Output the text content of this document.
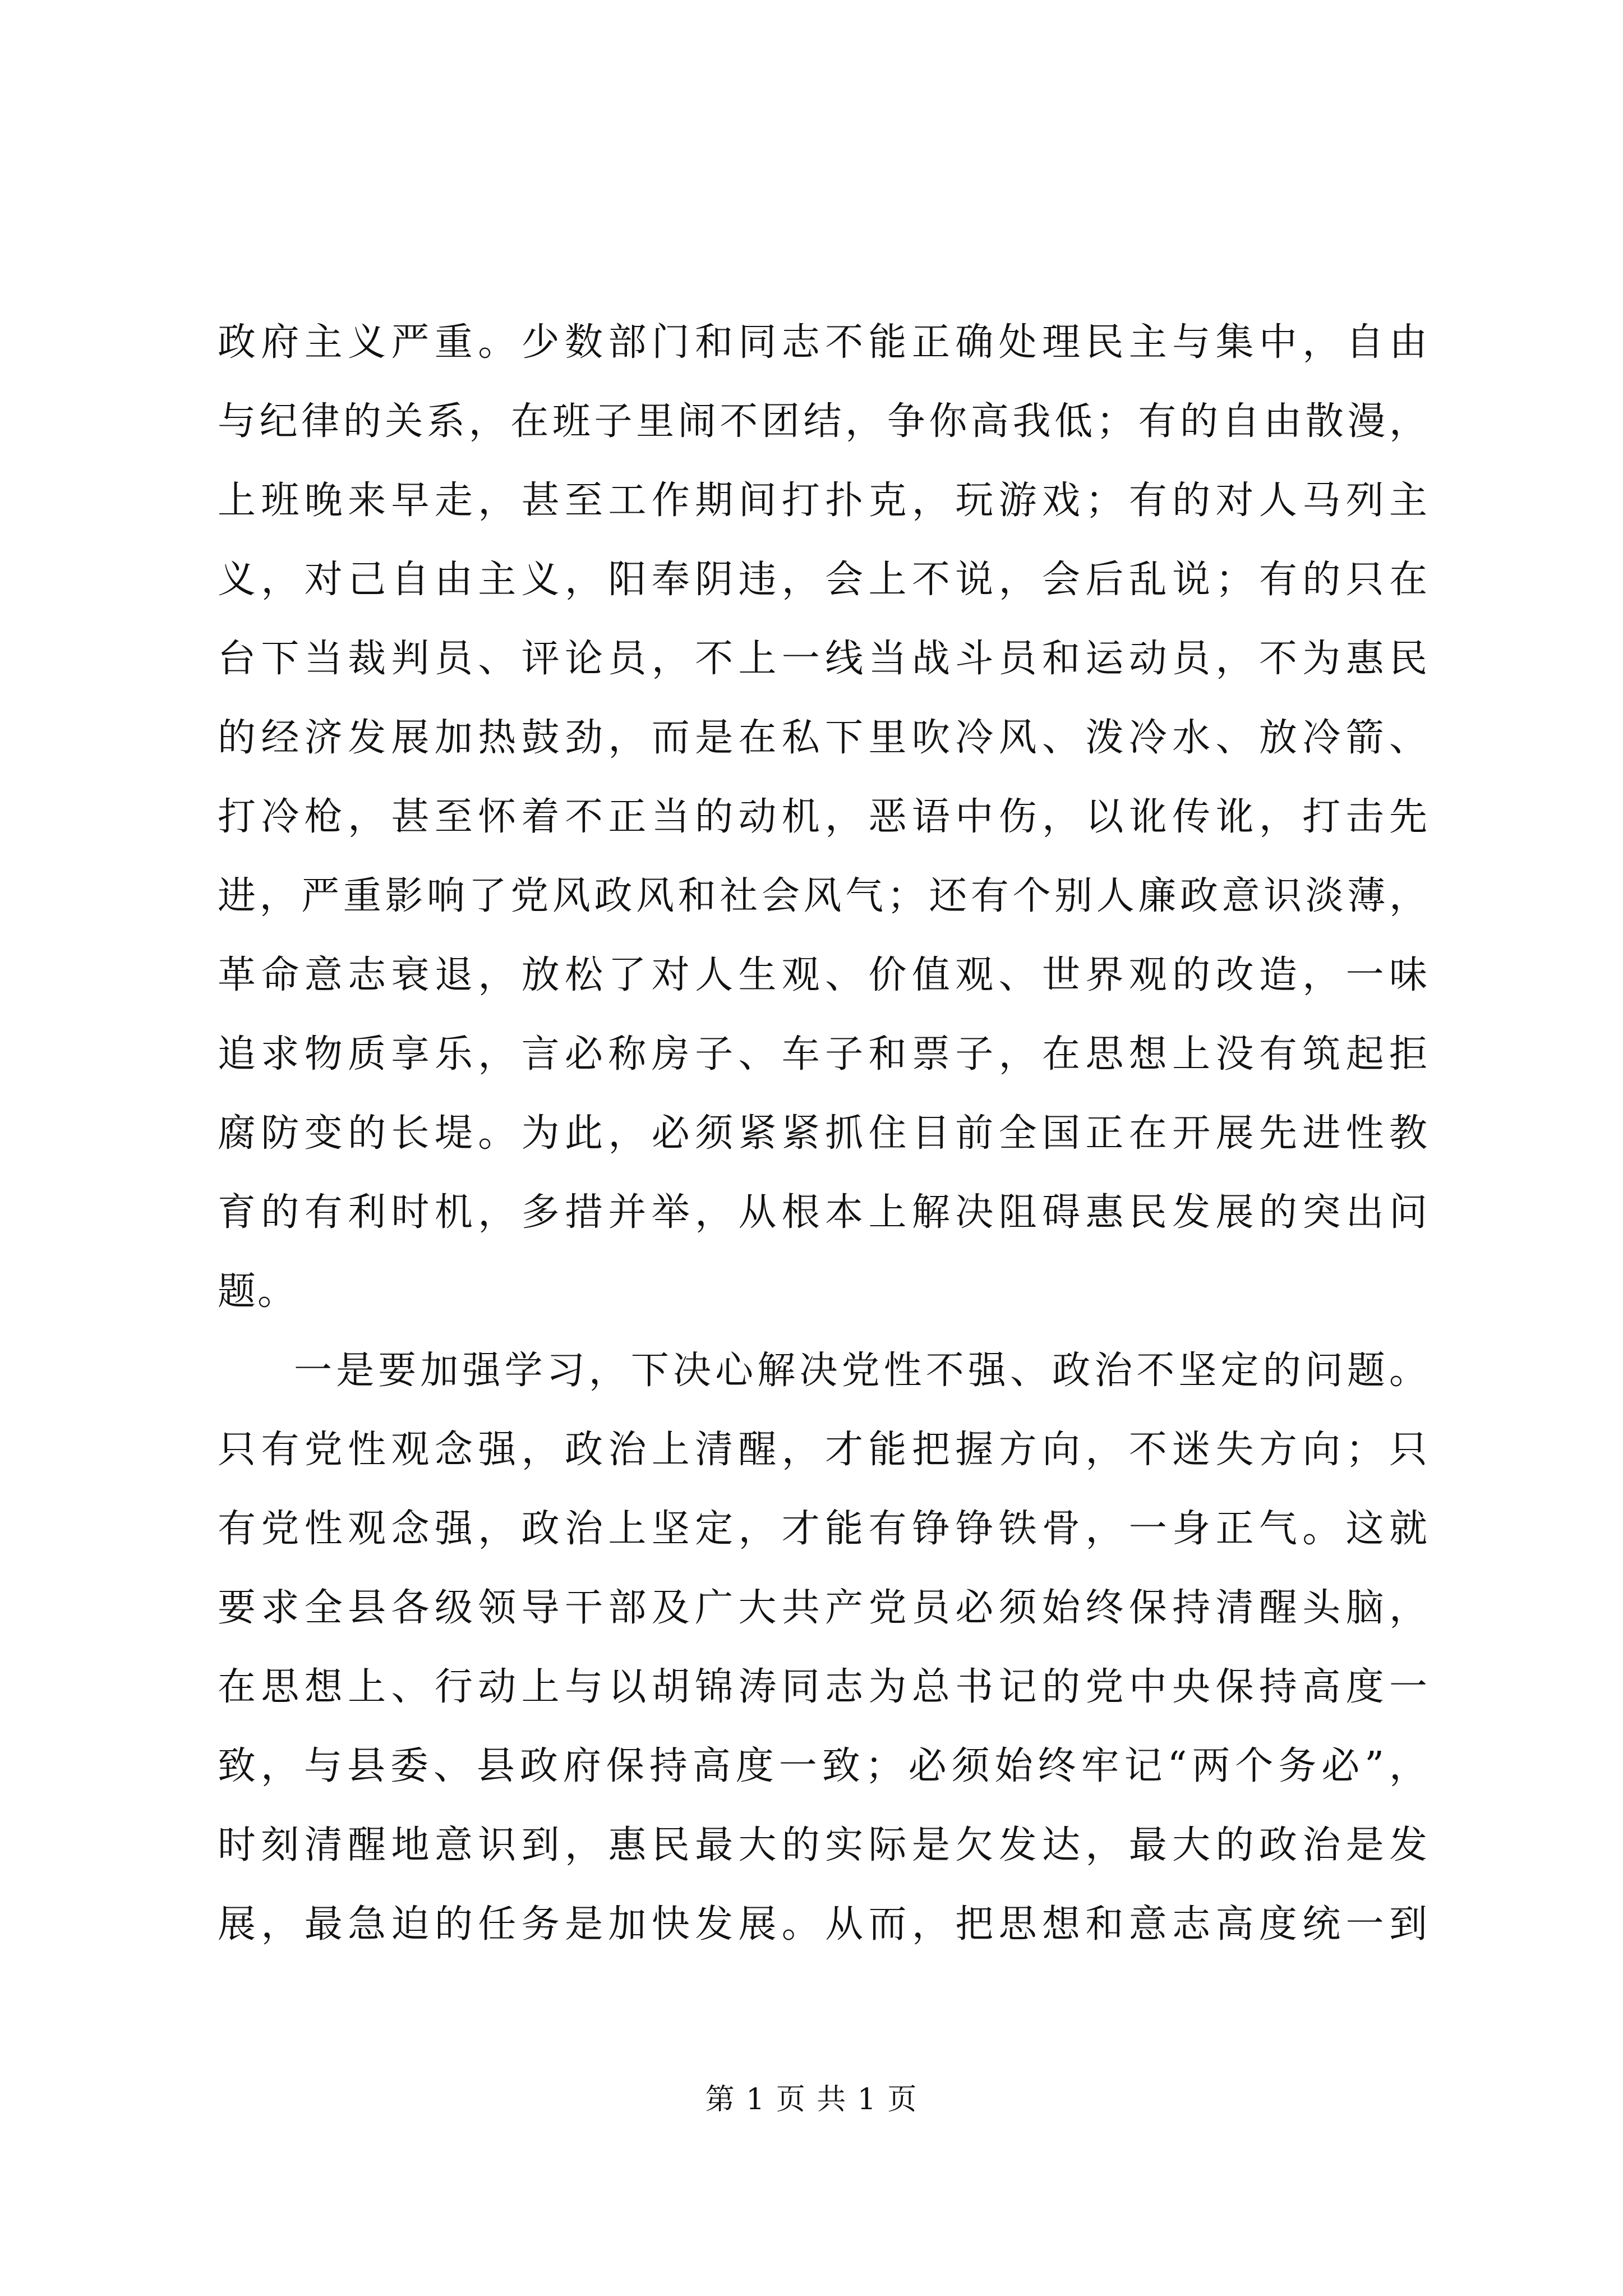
政府主义严重。少数部门和同志不能正确处理民主与集中，自由
与纪律的关系，在班子里闹不团结，争你高我低；有的自由散漫，
上班晚来早走，甚至工作期间打扑克，玩游戏；有的对人马列主
义，对己自由主义，阳奉阴违，会上不说，会后乱说；有的只在
台下当裁判员、评论员，不上一线当战斗员和运动员，不为惠民
的经济发展加热鼓劲，而是在私下里吹冷风、泼冷水、放冷箭、
打冷枪，甚至怀着不正当的动机，恶语中伤，以讹传讹，打击先
进，严重影响了党风政风和社会风气；还有个别人廉政意识淡薄，
革命意志衰退，放松了对人生观、价值观、世界观的改造，一味
追求物质享乐，言必称房子、车子和票子，在思想上没有筑起拒
腐防变的长堤。为此，必须紧紧抓住目前全国正在开展先进性教
育的有利时机，多措并举，从根本上解决阻碍惠民发展的突出问
题。
一是要加强学习，下决心解决党性不强、政治不坚定的问题。
只有党性观念强，政治上清醒，才能把握方向，不迷失方向；只
有党性观念强，政治上坚定，才能有铮铮铁骨，一身正气。这就
要求全县各级领导干部及广大共产党员必须始终保持清醒头脑，
在思想上、行动上与以胡锦涛同志为总书记的党中央保持高度一
致，与县委、县政府保持高度一致；必须始终牢记“两个务必”，
时刻清醒地意识到，惠民最大的实际是欠发达，最大的政治是发
展，最急迫的任务是加快发展。从而，把思想和意志高度统一到
第 1 页 共 1 页
